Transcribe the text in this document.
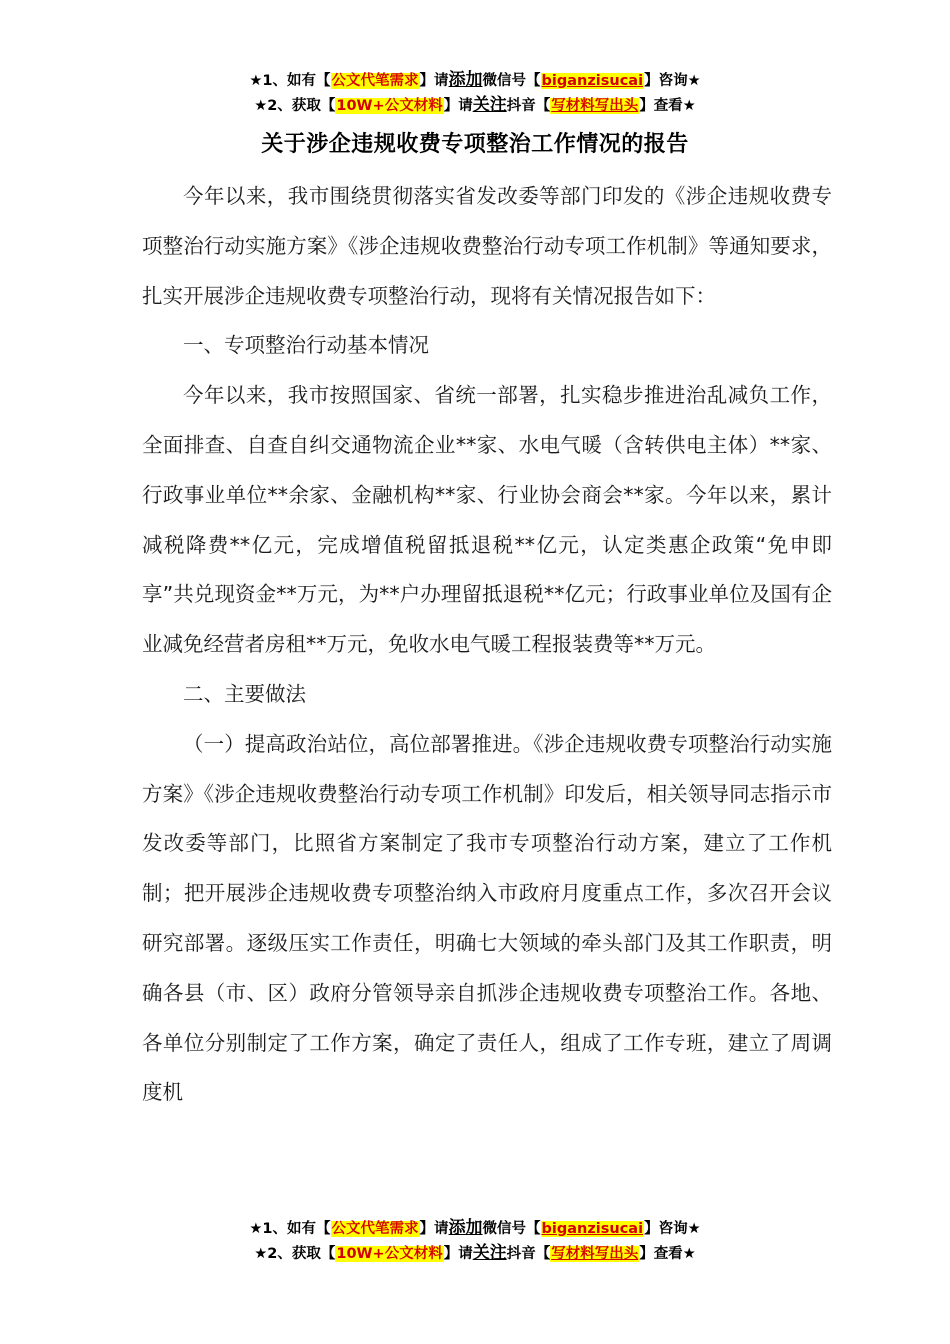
★1、如有【公文代笔需求】请添加微信号【biganzisucai】咨询★
★2、获取【10W+公文材料】请关注抖音【写材料写出头】查看★
关于涉企违规收费专项整治工作情况的报告

今年以来，我市围绕贯彻落实省发改委等部门印发的《涉企违规收费专项整治行动实施方案》《涉企违规收费整治行动专项工作机制》等通知要求，扎实开展涉企违规收费专项整治行动，现将有关情况报告如下：

一、专项整治行动基本情况

今年以来，我市按照国家、省统一部署，扎实稳步推进治乱减负工作，全面排查、自查自纠交通物流企业**家、水电气暖（含转供电主体）**家、行政事业单位**余家、金融机构**家、行业协会商会**家。今年以来，累计减税降费**亿元，完成增值税留抵退税**亿元，认定类惠企政策“免申即享”共兑现资金**万元，为**户办理留抵退税**亿元；行政事业单位及国有企业减免经营者房租**万元，免收水电气暖工程报装费等**万元。

二、主要做法

（一）提高政治站位，高位部署推进。《涉企违规收费专项整治行动实施方案》《涉企违规收费整治行动专项工作机制》印发后，相关领导同志指示市发改委等部门，比照省方案制定了我市专项整治行动方案，建立了工作机制；把开展涉企违规收费专项整治纳入市政府月度重点工作，多次召开会议研究部署。逐级压实工作责任，明确七大领域的牵头部门及其工作职责，明确各县（市、区）政府分管领导亲自抓涉企违规收费专项整治工作。各地、各单位分别制定了工作方案，确定了责任人，组成了工作专班，建立了周调度机

★1、如有【公文代笔需求】请添加微信号【biganzisucai】咨询★
★2、获取【10W+公文材料】请关注抖音【写材料写出头】查看★
